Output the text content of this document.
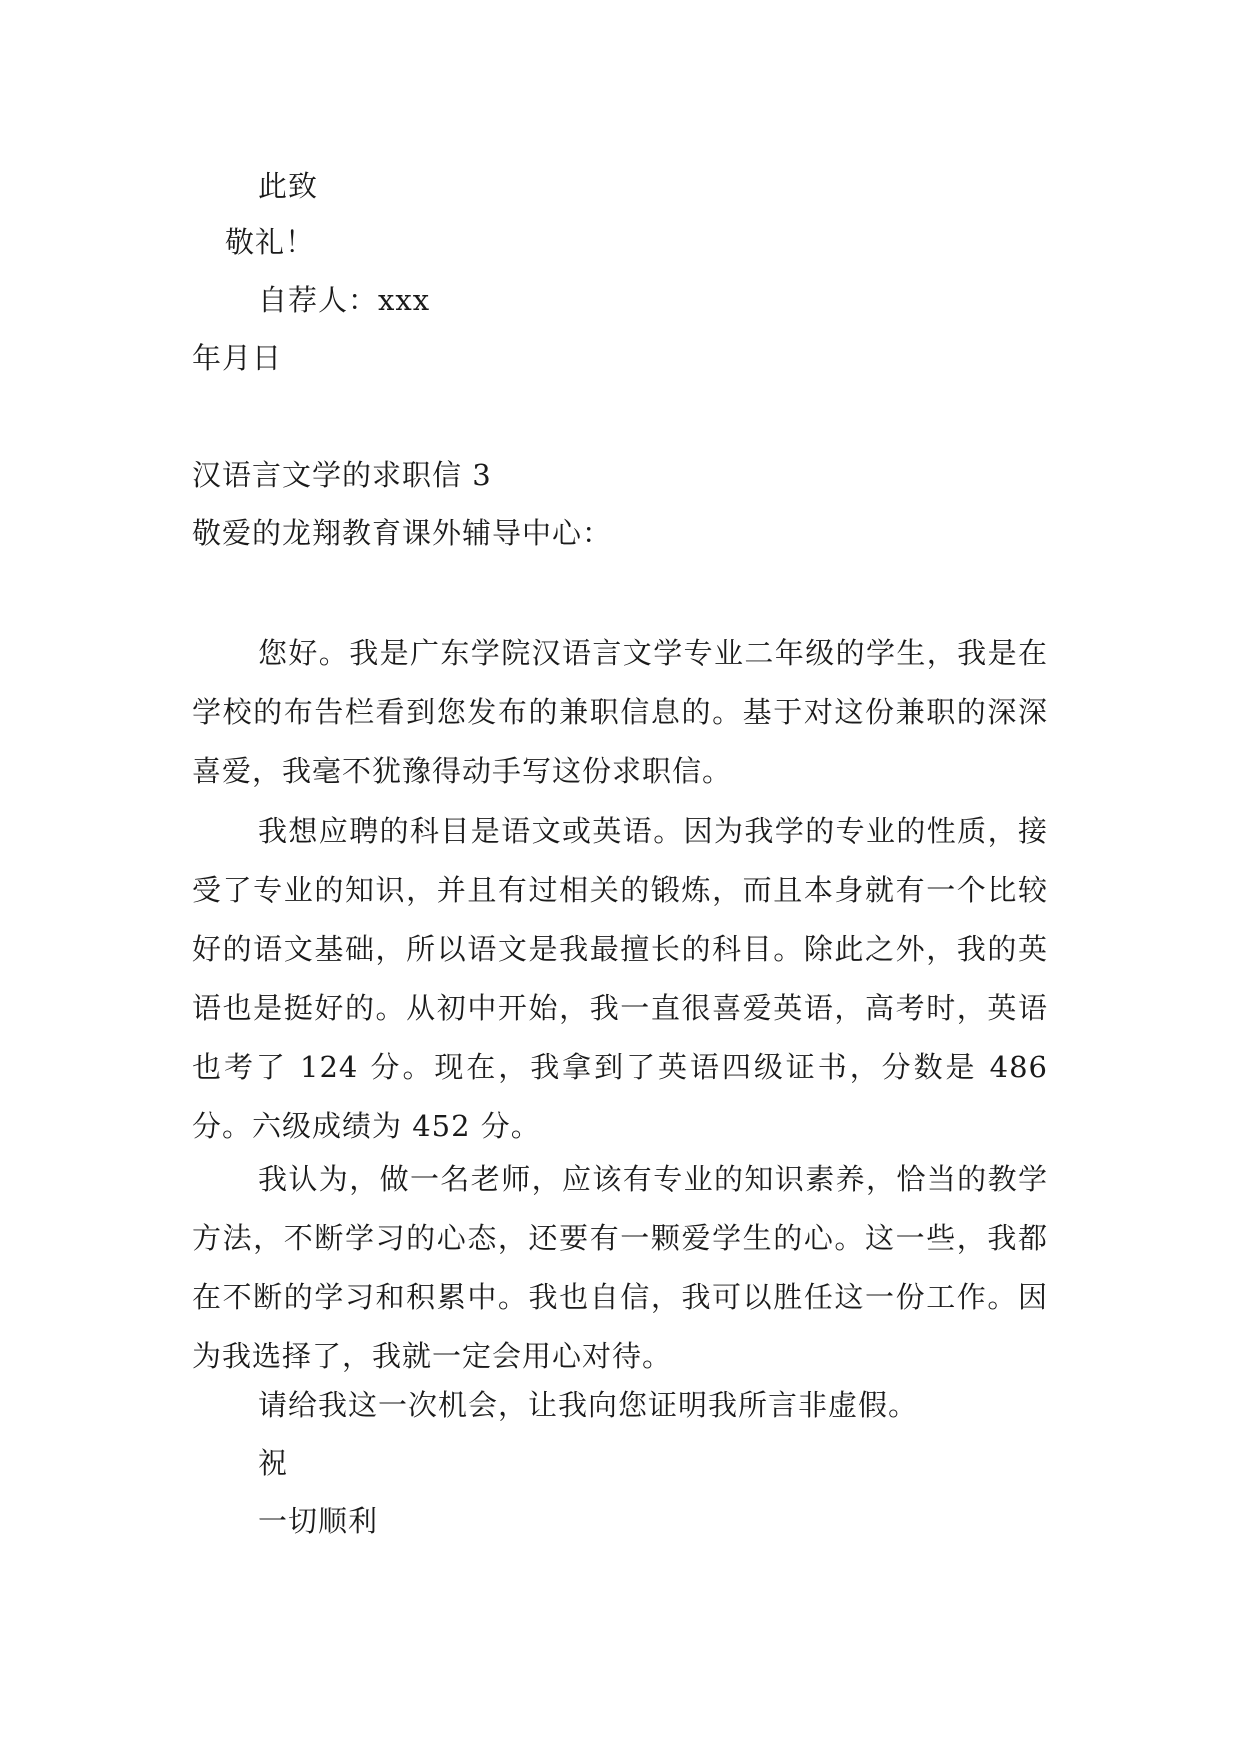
此致
敬礼！
自荐人：xxx
年月日
汉语言文学的求职信 3
敬爱的龙翔教育课外辅导中心：
您好。我是广东学院汉语言文学专业二年级的学生，我是在学校的布告栏看到您发布的兼职信息的。基于对这份兼职的深深喜爱，我毫不犹豫得动手写这份求职信。
我想应聘的科目是语文或英语。因为我学的专业的性质，接受了专业的知识，并且有过相关的锻炼，而且本身就有一个比较好的语文基础，所以语文是我最擅长的科目。除此之外，我的英语也是挺好的。从初中开始，我一直很喜爱英语，高考时，英语也考了 124 分。现在，我拿到了英语四级证书，分数是 486 分。六级成绩为 452 分。
我认为，做一名老师，应该有专业的知识素养，恰当的教学方法，不断学习的心态，还要有一颗爱学生的心。这一些，我都在不断的学习和积累中。我也自信，我可以胜任这一份工作。因为我选择了，我就一定会用心对待。
请给我这一次机会，让我向您证明我所言非虚假。
祝
一切顺利
